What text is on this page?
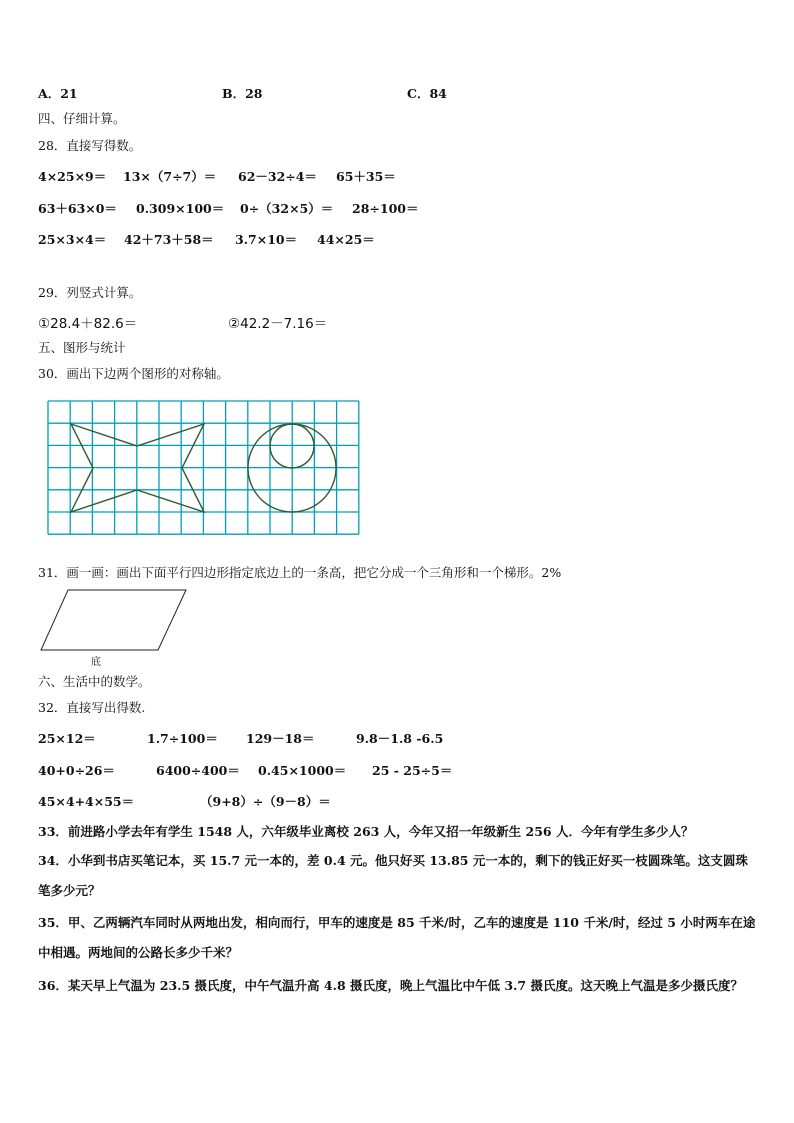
A．21	B．28	C．84
四、仔细计算。
28．直接写得数。
4×25×9＝ 13×（7÷7）＝ 62－32÷4＝ 65＋35＝
63＋63×0＝ 0.309×100＝ 0÷（32×5）＝ 28÷100＝
25×3×4＝ 42＋73＋58＝ 3.7×10＝ 44×25＝
29．列竖式计算。
①28.4＋82.6＝	②42.2－7.16＝
五、图形与统计
30．画出下边两个图形的对称轴。
31．画一画：画出下面平行四边形指定底边上的一条高，把它分成一个三角形和一个梯形。2%
底
六、生活中的数学。
32．直接写出得数.
25×12＝	1.7÷100＝ 129－18＝	9.8－1.8 -6.5
40+0÷26＝	6400÷400＝ 0.45×1000＝ 25 - 25÷5＝
45×4+4×55＝	（9+8）÷（9－8）＝
33．前进路小学去年有学生 1548 人，六年级毕业离校 263 人，今年又招一年级新生 256 人．今年有学生多少人？
34．小华到书店买笔记本，买 15.7 元一本的，差 0.4 元。他只好买 13.85 元一本的，剩下的钱正好买一枝圆珠笔。这支圆珠笔多少元？
35．甲、乙两辆汽车同时从两地出发，相向而行，甲车的速度是 85 千米/时，乙车的速度是 110 千米/时，经过 5 小时两车在途中相遇。两地间的公路长多少千米？
36．某天早上气温为 23.5 摄氏度，中午气温升高 4.8 摄氏度，晚上气温比中午低 3.7 摄氏度。这天晚上气温是多少摄氏度？
